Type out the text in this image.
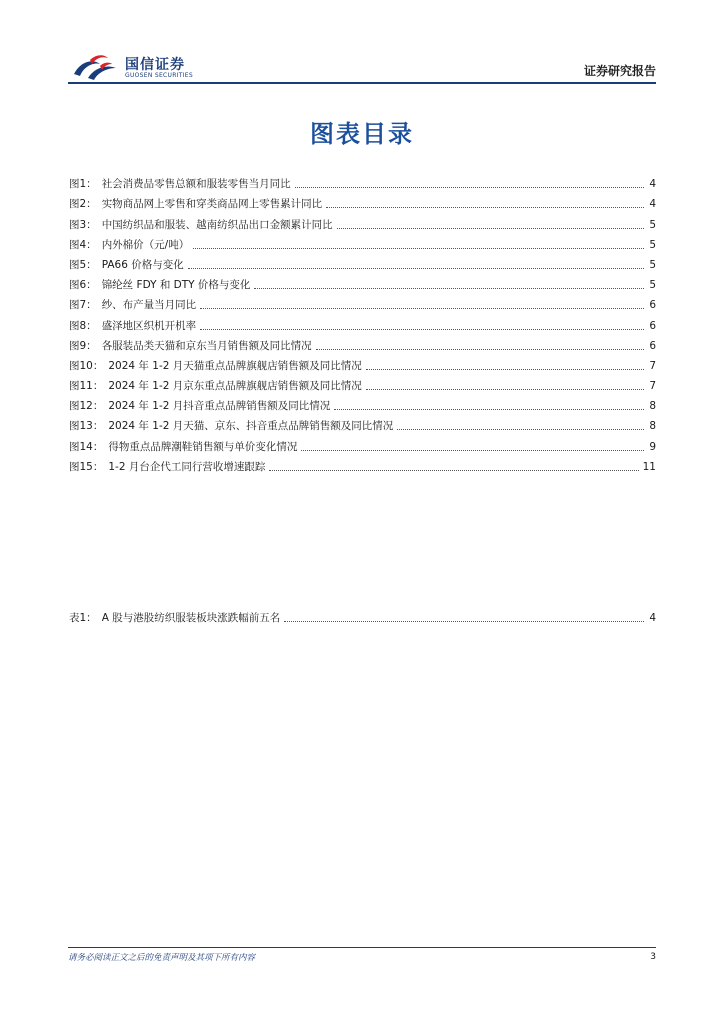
国信证券
GUOSEN SECURITIES	证券研究报告
图表目录
图1： 社会消费品零售总额和服装零售当月同比	4
图2： 实物商品网上零售和穿类商品网上零售累计同比	4
图3： 中国纺织品和服装、越南纺织品出口金额累计同比	5
图4： 内外棉价（元/吨）	5
图5： PA66 价格与变化	5
图6： 锦纶丝 FDY 和 DTY 价格与变化	5
图7： 纱、布产量当月同比	6
图8： 盛泽地区织机开机率	6
图9： 各服装品类天猫和京东当月销售额及同比情况	6
图10： 2024 年 1-2 月天猫重点品牌旗舰店销售额及同比情况	7
图11： 2024 年 1-2 月京东重点品牌旗舰店销售额及同比情况	7
图12： 2024 年 1-2 月抖音重点品牌销售额及同比情况	8
图13： 2024 年 1-2 月天猫、京东、抖音重点品牌销售额及同比情况	8
图14： 得物重点品牌潮鞋销售额与单价变化情况	9
图15： 1-2 月台企代工同行营收增速跟踪	11
表1： A 股与港股纺织服装板块涨跌幅前五名	4
请务必阅读正文之后的免责声明及其项下所有内容	3
